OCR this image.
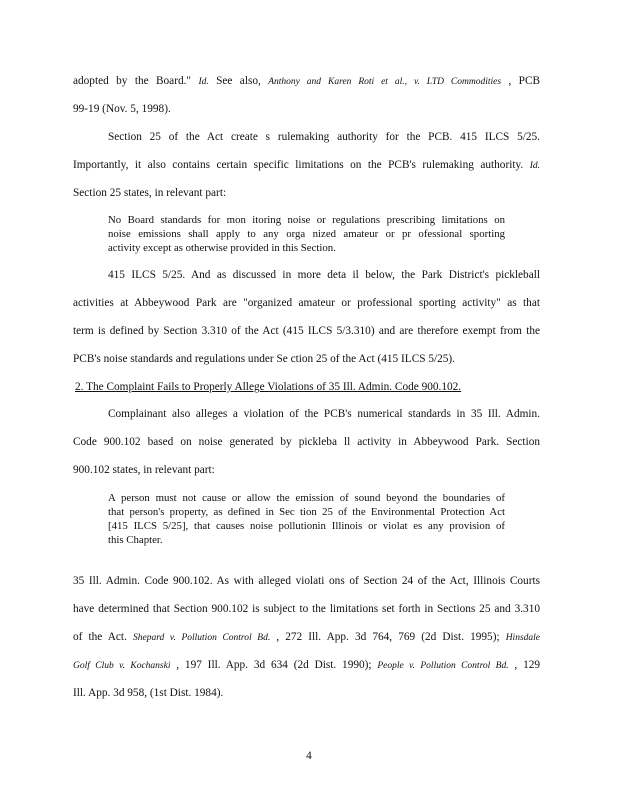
adopted by the Board." Id. See also, Anthony and Karen Roti et al., v. LTD Commodities , PCB
99-19 (Nov. 5, 1998).
Section 25 of the Act create s rulemaking authority for the PCB. 415 ILCS 5/25.
Importantly, it also contains certain specific limitations on the PCB's rulemaking authority. Id.
Section 25 states, in relevant part:
No Board standards for mon itoring noise or regulations prescribing limitations on
noise emissions shall apply to any orga nized amateur or pr ofessional sporting
activity except as otherwise provided in this Section.
415 ILCS 5/25. And as discussed in more deta il below, the Park District's pickleball
activities at Abbeywood Park are "organized amateur or professional sporting activity" as that
term is defined by Section 3.310 of the Act (415 ILCS 5/3.310) and are therefore exempt from the
PCB's noise standards and regulations under Se ction 25 of the Act (415 ILCS 5/25).
2. The Complaint Fails to Properly Allege Violations of 35 Ill. Admin. Code 900.102.
Complainant also alleges a violation of the PCB's numerical standards in 35 Ill. Admin.
Code 900.102 based on noise generated by pickleba ll activity in Abbeywood Park. Section
900.102 states, in relevant part:
A person must not cause or allow the emission of sound beyond the boundaries of
that person's property, as defined in Sec tion 25 of the Environmental Protection Act
[415 ILCS 5/25], that causes noise pollutionin Illinois or violat es any provision of
this Chapter.
35 Ill. Admin. Code 900.102. As with alleged violati ons of Section 24 of the Act, Illinois Courts
have determined that Section 900.102 is subject to the limitations set forth in Sections 25 and 3.310
of the Act. Shepard v. Pollution Control Bd. , 272 Ill. App. 3d 764, 769 (2d Dist. 1995); Hinsdale
Golf Club v. Kochanski , 197 Ill. App. 3d 634 (2d Dist. 1990); People v. Pollution Control Bd. , 129
Ill. App. 3d 958, (1st Dist. 1984).
4
